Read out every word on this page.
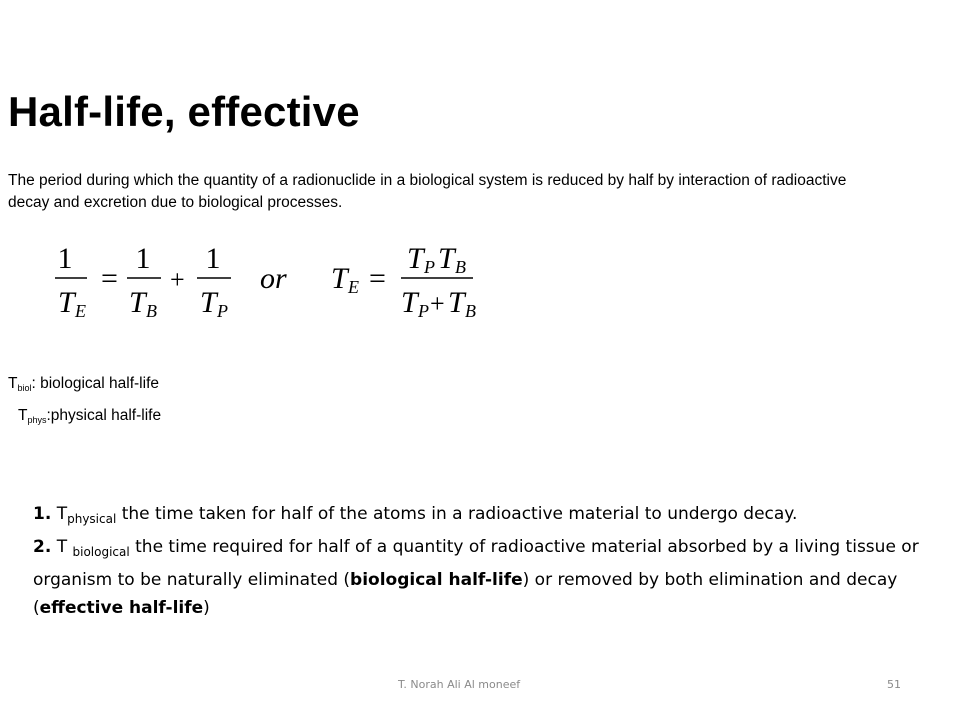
Half-life, effective

The period during which the quantity of a radionuclide in a biological system is reduced by half by interaction of radioactive decay and excretion due to biological processes.

1
T E
=
1
T B
+
1
T P
or T E =
T P T B
T P + T B
$T_{biol}$: biological half-life
$T_{phys}:physical$ half-life
1. $T_{physical}$ the time taken for half of the atoms in a radioactive material to undergo decay.
2. T $_{biological}$ the time required for half of a quantity of radioactive material absorbed by a living tissue or organism to be naturally eliminated (biological half-life) or removed by both elimination and decay (effective half-life)
T. Norah Ali Al moneef	51
